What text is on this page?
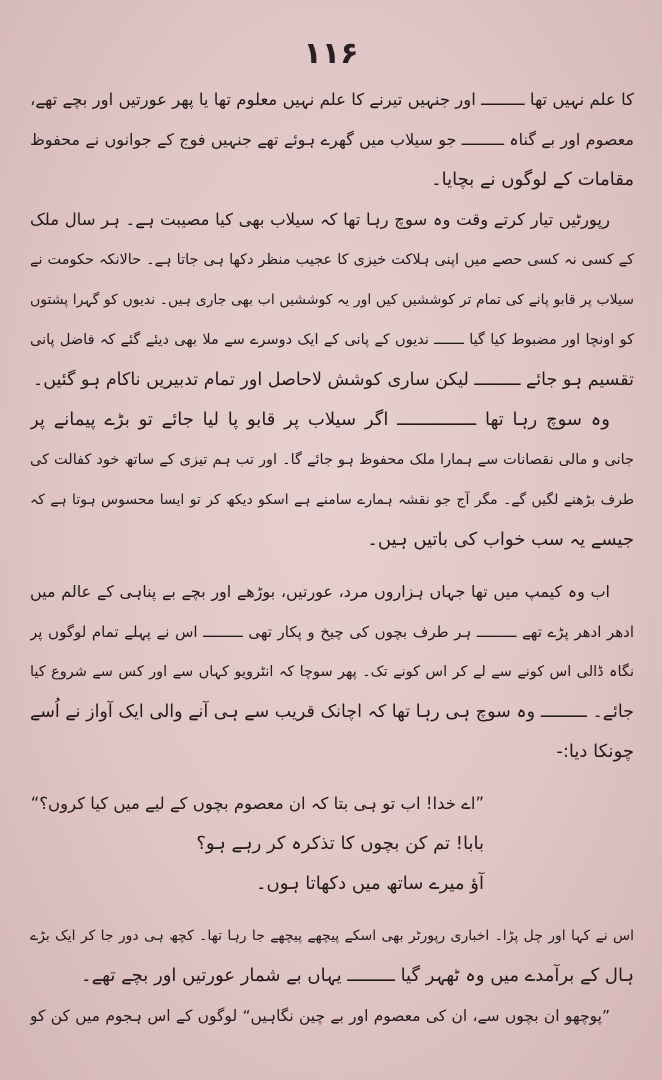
۱۱۶
کا علم نہیں تھا ـــــــــ اور جنہیں تیرنے کا علم نہیں معلوم تھا یا پھر عورتیں اور بچے تھے،
معصوم اور بے گناہ ـــــــــ جو سیلاب میں گھرے ہوئے تھے جنہیں فوج کے جوانوں نے محفوظ
مقامات کے لوگوں نے بچایا۔
رپورٹیں تیار کرتے وقت وہ سوچ رہا تھا کہ سیلاب بھی کیا مصیبت ہے۔ ہر سال ملک
کے کسی نہ کسی حصے میں اپنی ہلاکت خیزی کا عجیب منظر دکھا ہی جاتا ہے۔ حالانکہ حکومت نے
سیلاب پر قابو پانے کی تمام تر کوششیں کیں اور یہ کوششیں اب بھی جاری ہیں۔ ندیوں کو گہرا پشتوں
کو اونچا اور مضبوط کیا گیا ـــــــ ندیوں کے پانی کے ایک دوسرے سے ملا بھی دیئے گئے کہ فاضل پانی
تقسیم ہو جائے ـــــــــ لیکن ساری کوشش لاحاصل اور تمام تدبیریں ناکام ہو گئیں۔
وہ سوچ رہا تھا ـــــــــــــــ اگر سیلاب پر قابو پا لیا جائے تو بڑے پیمانے پر
جانی و مالی نقصانات سے ہمارا ملک محفوظ ہو جائے گا۔ اور تب ہم تیزی کے ساتھ خود کفالت کی
طرف بڑھنے لگیں گے۔ مگر آج جو نقشہ ہمارے سامنے ہے اسکو دیکھ کر تو ایسا محسوس ہوتا ہے کہ
جیسے یہ سب خواب کی باتیں ہیں۔
اب وہ کیمپ میں تھا جہاں ہزاروں مرد، عورتیں، بوڑھے اور بچے بے پناہی کے عالم میں
ادھر ادھر پڑے تھے ـــــــــ ہر طرف بچوں کی چیخ و پکار تھی ـــــــــ اس نے پہلے تمام لوگوں پر
نگاہ ڈالی اس کونے سے لے کر اس کونے تک۔ پھر سوچا کہ انٹرویو کہاں سے اور کس سے شروع کیا
جائے۔ ـــــــــ وہ سوچ ہی رہا تھا کہ اچانک قریب سے ہی آنے والی ایک آواز نے اُسے
چونکا دیا:-
”اے خدا! اب تو ہی بتا کہ ان معصوم بچوں کے لیے میں کیا کروں؟“
بابا! تم کن بچوں کا تذکرہ کر رہے ہو؟
آؤ میرے ساتھ میں دکھاتا ہوں۔
اس نے کہا اور چل پڑا۔ اخباری رپورٹر بھی اسکے پیچھے پیچھے جا رہا تھا۔ کچھ ہی دور جا کر ایک بڑے
ہال کے برآمدے میں وہ ٹھہر گیا ـــــــــ یہاں بے شمار عورتیں اور بچے تھے۔
”پوچھو ان بچوں سے، ان کی معصوم اور بے چین نگاہیں“ لوگوں کے اس ہجوم میں کن کو
